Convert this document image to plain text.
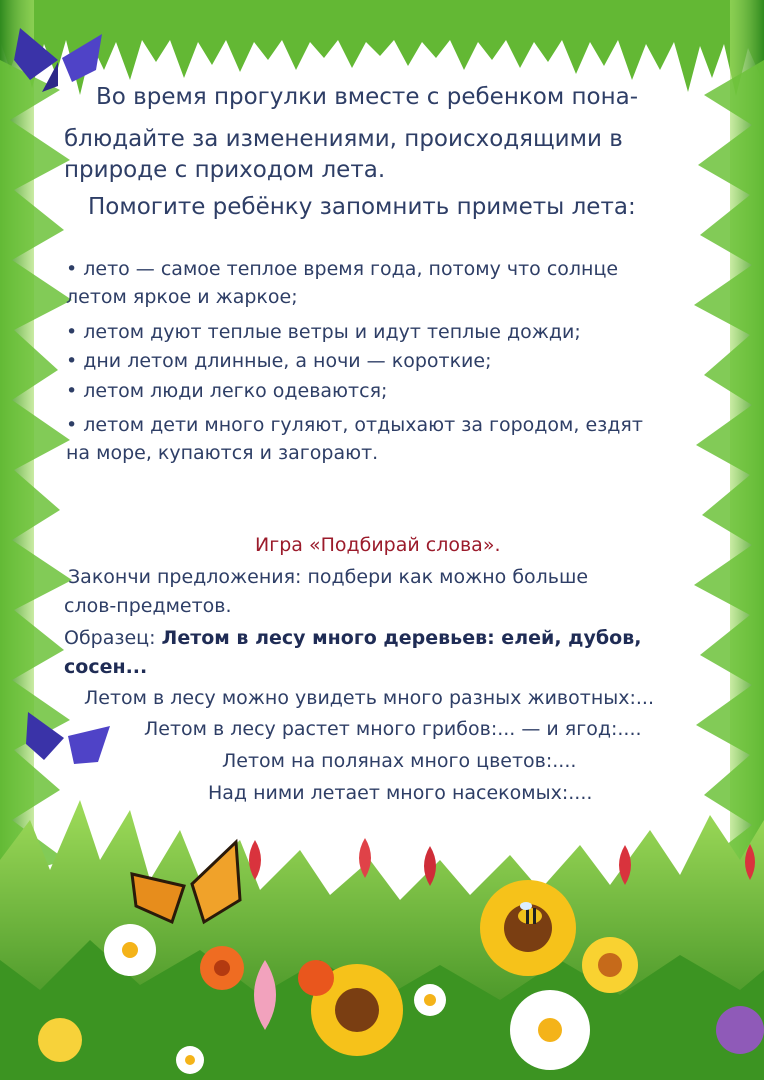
Во время прогулки вместе с ребенком пона-
блюдайте за изменениями, происходящими в
природе с приходом лета.
Помогите ребёнку запомнить приметы лета:
• лето — самое теплое время года, потому что солнце
летом яркое и жаркое;
• летом дуют теплые ветры и идут теплые дожди;
• дни летом длинные, а ночи — короткие;
• летом люди легко одеваются;
• летом дети много гуляют, отдыхают за городом, ездят
на море, купаются и загорают.
Игра «Подбирай слова».
Закончи предложения: подбери как можно больше
слов-предметов.
Образец: Летом в лесу много деревьев: елей, дубов,
сосен...
Летом в лесу можно увидеть много разных животных:...
Летом в лесу растет много грибов:... — и ягод:....
Летом на полянах много цветов:....
Над ними летает много насекомых:....
